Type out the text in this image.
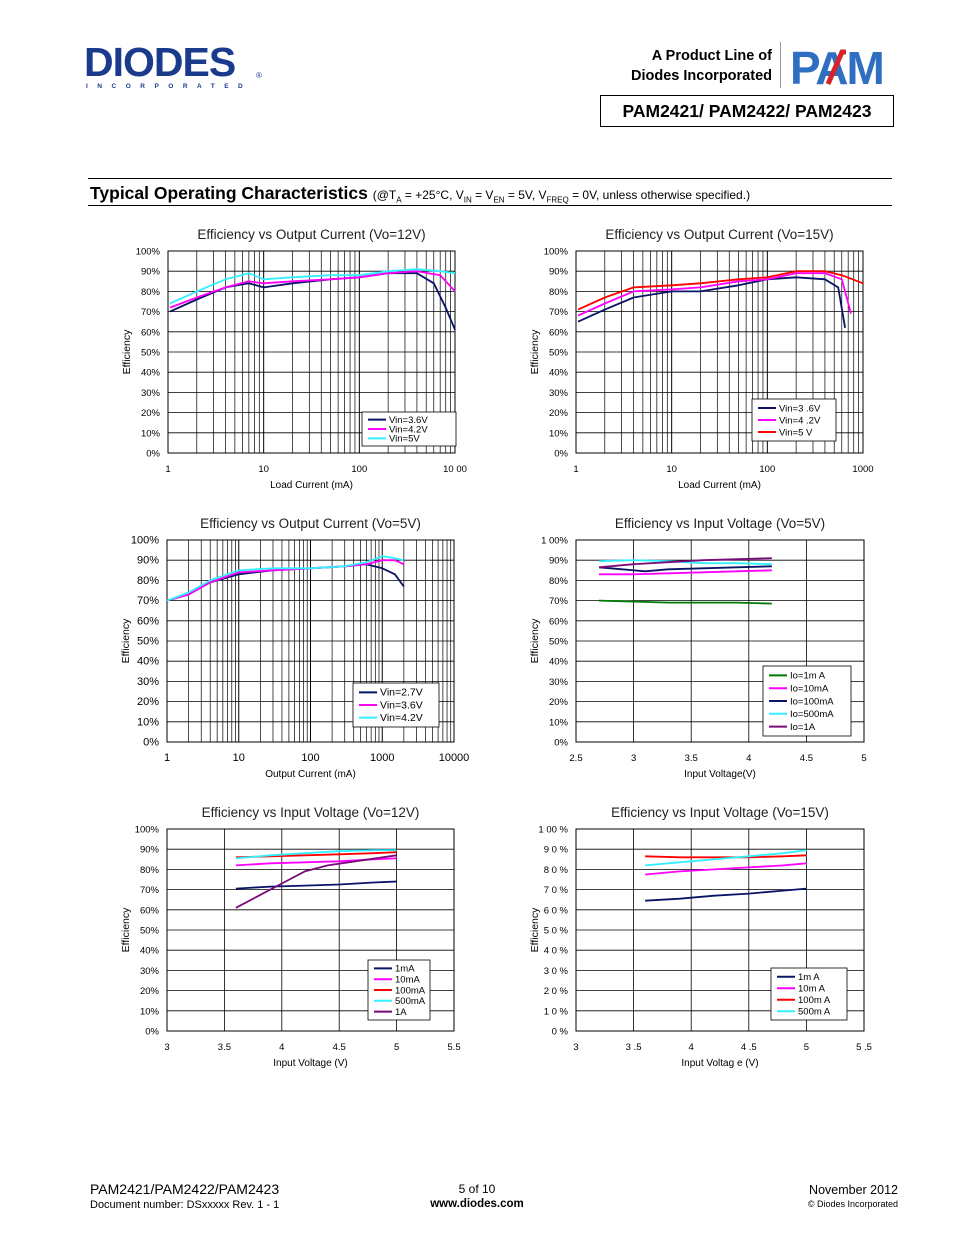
DIODES	®
INCORPORATED
A Product Line of
Diodes Incorporated PAM
PAM2421/ PAM2422/ PAM2423
Typical Operating Characteristics ($@T_A = +25^\circ C$, $V_{IN} = V_{EN} = 5V$, $V_{FREQ} = 0V$, unless otherwise specified.)
Efficiency vs Output Current (Vo=12V)
0%
10%
20%
30%
40%
50%
60%
70%
80%
90%
100%
1	10	100	10 00
Load Current (mA)
Efficiency
Vin=3.6V
Vin=4.2V
Vin=5V
Efficiency vs Output Current (Vo=15V)
0%
10%
20%
30%
40%
50%
60%
70%
80%
90%
100%
1	10	100	1000
Load Current (mA)
Efficiency
Vin=3 .6V
Vin=4 .2V
Vin=5 V
Efficiency vs Output Current (Vo=5V)
0%
10%
20%
30%
40%
50%
60%
70%
80%
90%
100%
1	10	100	1000	10000
Output Current (mA)
Efficiency
Vin=2.7V
Vin=3.6V
Vin=4.2V
Efficiency vs Input Voltage (Vo=5V)
0%
10%
20%
30%
40%
50%
60%
70%
80%
90%
1 00%
2.5	3	3.5	4	4.5	5
Input Voltage(V)
Efficiency
Io=1m A
Io=10mA
Io=100mA
Io=500mA
Io=1A
Efficiency vs Input Voltage (Vo=12V)
0%
10%
20%
30%
40%
50%
60%
70%
80%
90%
100%
3	3.5	4	4.5	5	5.5
Input Voltage (V)
Efficiency
1mA
10mA
100mA
500mA
1A
Efficiency vs Input Voltage (Vo=15V)
0 %
1 0 %
2 0 %
3 0 %
4 0 %
5 0 %
6 0 %
7 0 %
8 0 %
9 0 %
1 00 %
3	3 .5	4	4 .5	5	5 .5
Input Voltag e (V)
Efficiency
1m A
10m A
100m A
500m A
PAM2421/PAM2422/PAM2423
Document number: DSxxxxx Rev. 1 - 1
5 of 10
www.diodes.com
November 2012
© Diodes Incorporated
